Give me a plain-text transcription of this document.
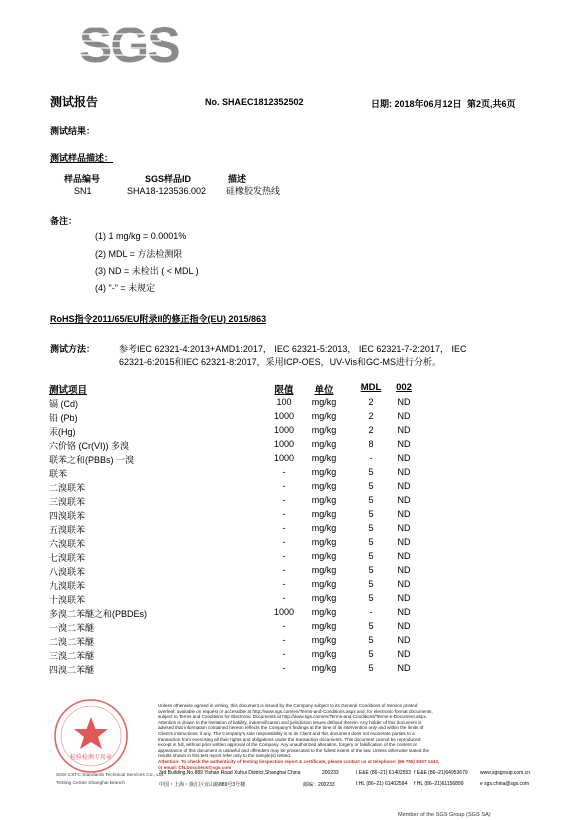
SGS
测试报告	No. SHAEC1812352502	日期: 2018年06月12日 第2页,共6页
测试结果：
测试样品描述：
样品编号	SGS样品ID	描述
SN1	SHA18-123536.002 硅橡胶发热线
备注：
(1) 1 mg/kg = 0.0001%
(2) MDL = 方法检测限
(3) ND = 未检出 ( < MDL )
(4) "-" = 未规定
RoHS指令2011/65/EU附录II的修正指令(EU) 2015/863
测试方法：	参考IEC 62321-4:2013+AMD1:2017， IEC 62321-5:2013， IEC 62321-7-2:2017， IEC
62321-6:2015和IEC 62321-8:2017，采用ICP-OES，UV-Vis和GC-MS进行分析。
测试项目	限值	单位	MDL	002
镉 (Cd)	100	mg/kg	2	ND
铅 (Pb)	1000	mg/kg	2	ND
汞(Hg)	1000	mg/kg	2	ND
六价铬 (Cr(VI)) 多溴	1000	mg/kg	8	ND
联苯之和(PBBs) 一溴	1000	mg/kg	-	ND
联苯	-	mg/kg	5	ND
二溴联苯	-	mg/kg	5	ND
三溴联苯	-	mg/kg	5	ND
四溴联苯	-	mg/kg	5	ND
五溴联苯	-	mg/kg	5	ND
六溴联苯	-	mg/kg	5	ND
七溴联苯	-	mg/kg	5	ND
八溴联苯	-	mg/kg	5	ND
九溴联苯	-	mg/kg	5	ND
十溴联苯	-	mg/kg	5	ND
多溴二苯醚之和(PBDEs)	1000	mg/kg	-	ND
一溴二苯醚	-	mg/kg	5	ND
二溴二苯醚	-	mg/kg	5	ND
三溴二苯醚	-	mg/kg	5	ND
四溴二苯醚	-	mg/kg	5	ND
检验检测专用章
Unless otherwise agreed in writing, this document is issued by the Company subject to its General Conditions of Service printed
overleaf, available on request or accessible at http://www.sgs.com/en/Terms-and-Conditions.aspx and, for electronic format documents,
subject to Terms and Conditions for Electronic Documents at http://www.sgs.com/en/Terms-and-Conditions/Terms-e-Document.aspx.
Attention is drawn to the limitation of liability, indemnification and jurisdiction issues defined therein. Any holder of this document is
advised that information contained hereon reflects the Company's findings at the time of its intervention only and within the limits of
Client's instructions, if any. The Company's sole responsibility is to its Client and this document does not exonerate parties to a
transaction from exercising all their rights and obligations under the transaction documents. This document cannot be reproduced
except in full, without prior written approval of the Company. Any unauthorized alteration, forgery or falsification of the content or
appearance of this document is unlawful and offenders may be prosecuted to the fullest extent of the law. Unless otherwise stated the
results shown in this test report refer only to the sample(s) tested.
Attention: To check the authenticity of testing /inspection report & certificate, please contact us at telephone: (86-755) 8307 1443,
or email: CN.Doccheck@sgs.com
SGS-CSTC Standards Technical Services Co., Ltd.
Testing Center Shanghai Branch
3rd Building,No.889 Yishan Road Xuhui District,Shanghai China	200233	t E&E (86–21) 61402553 f E&E (86–21)64953679 www.sgsgroup.com.cn
中国・上海・徐汇区宜山路889号3号楼	邮编：200233	t HL (86–21) 61402594 f HL (86–21)61156899	e sgs.china@sgs.com
Member of the SGS Group (SGS SA)
